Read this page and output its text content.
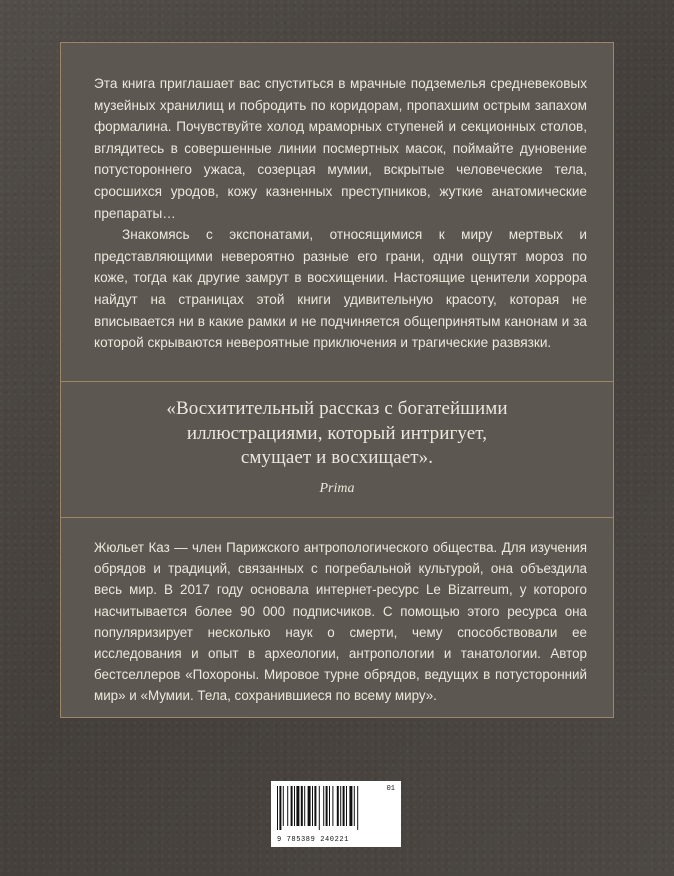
Эта книга приглашает вас спуститься в мрачные подземелья средневековых музейных хранилищ и побродить по коридорам, пропахшим острым запахом формалина. Почувствуйте холод мраморных ступеней и секционных столов, вглядитесь в совершенные линии посмертных масок, поймайте дуновение потустороннего ужаса, созерцая мумии, вскрытые человеческие тела, сросшихся уродов, кожу казненных преступников, жуткие анатомические препараты…

Знакомясь с экспонатами, относящимися к миру мертвых и представляющими невероятно разные его грани, одни ощутят мороз по коже, тогда как другие замрут в восхищении. Настоящие ценители хоррора найдут на страницах этой книги удивительную красоту, которая не вписывается ни в какие рамки и не подчиняется общепринятым канонам и за которой скрываются невероятные приключения и трагические развязки.

«Восхитительный рассказ с богатейшими
иллюстрациями, который интригует,
смущает и восхищает».
Prima

Жюльет Каз — член Парижского антропологического общества. Для изучения обрядов и традиций, связанных с погребальной культурой, она объездила весь мир. В 2017 году основала интернет-ресурс Le Bizarreum, у которого насчитывается более 90 000 подписчиков. С помощью этого ресурса она популяризирует несколько наук о смерти, чему способствовали ее исследования и опыт в археологии, антропологии и танатологии. Автор бестселлеров «Похороны. Мировое турне обрядов, ведущих в потусторонний мир» и «Мумии. Тела, сохранившиеся по всему миру».

01
9 785389 240221
